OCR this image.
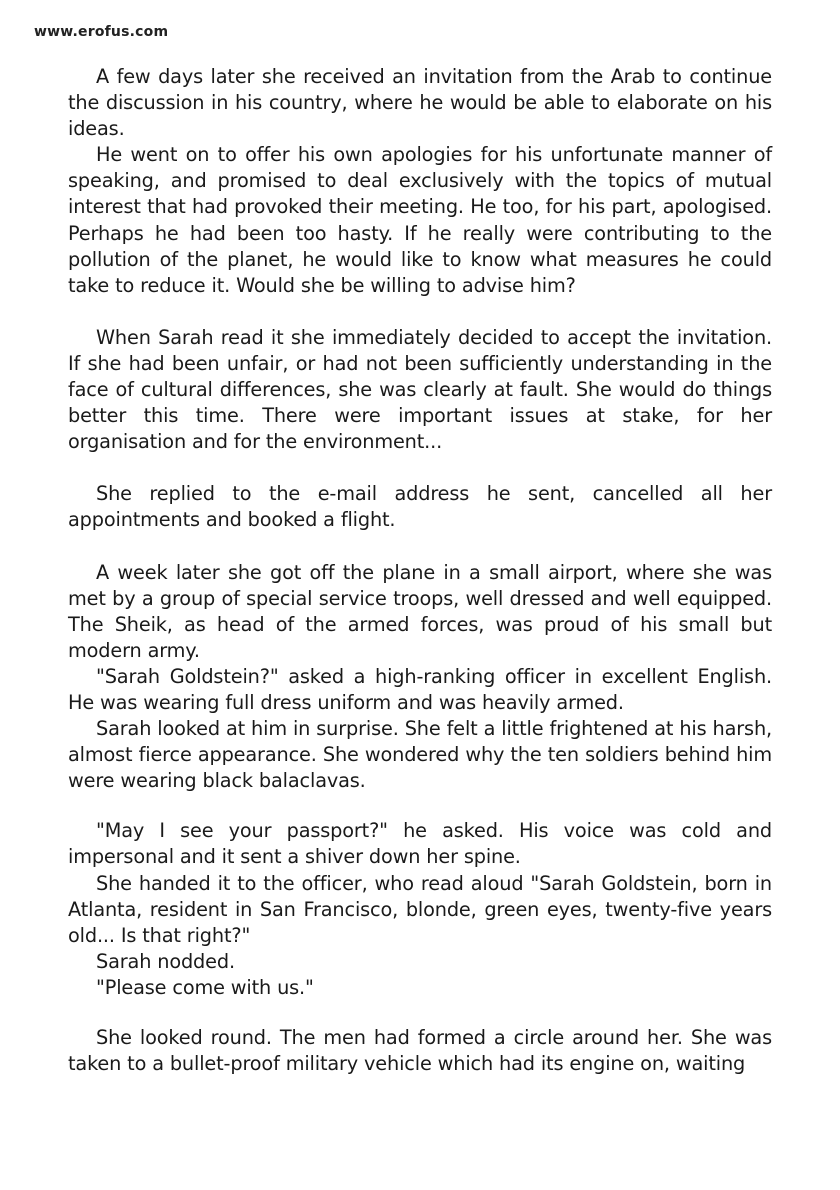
www.erofus.com

A few days later she received an invitation from the Arab to continue the discussion in his country, where he would be able to elaborate on his ideas.

He went on to offer his own apologies for his unfortunate manner of speaking, and promised to deal exclusively with the topics of mutual interest that had provoked their meeting. He too, for his part, apologised. Perhaps he had been too hasty. If he really were contributing to the pollution of the planet, he would like to know what measures he could take to reduce it. Would she be willing to advise him?

When Sarah read it she immediately decided to accept the invitation. If she had been unfair, or had not been sufficiently understanding in the face of cultural differences, she was clearly at fault. She would do things better this time. There were important issues at stake, for her organisation and for the environment...

She replied to the e-mail address he sent, cancelled all her appointments and booked a flight.

A week later she got off the plane in a small airport, where she was met by a group of special service troops, well dressed and well equipped. The Sheik, as head of the armed forces, was proud of his small but modern army.

"Sarah Goldstein?" asked a high-ranking officer in excellent English. He was wearing full dress uniform and was heavily armed.

Sarah looked at him in surprise. She felt a little frightened at his harsh, almost fierce appearance. She wondered why the ten soldiers behind him were wearing black balaclavas.

"May I see your passport?" he asked. His voice was cold and impersonal and it sent a shiver down her spine.

She handed it to the officer, who read aloud "Sarah Goldstein, born in Atlanta, resident in San Francisco, blonde, green eyes, twenty-five years old... Is that right?"

Sarah nodded.

"Please come with us."

She looked round. The men had formed a circle around her. She was taken to a bullet-proof military vehicle which had its engine on, waiting
